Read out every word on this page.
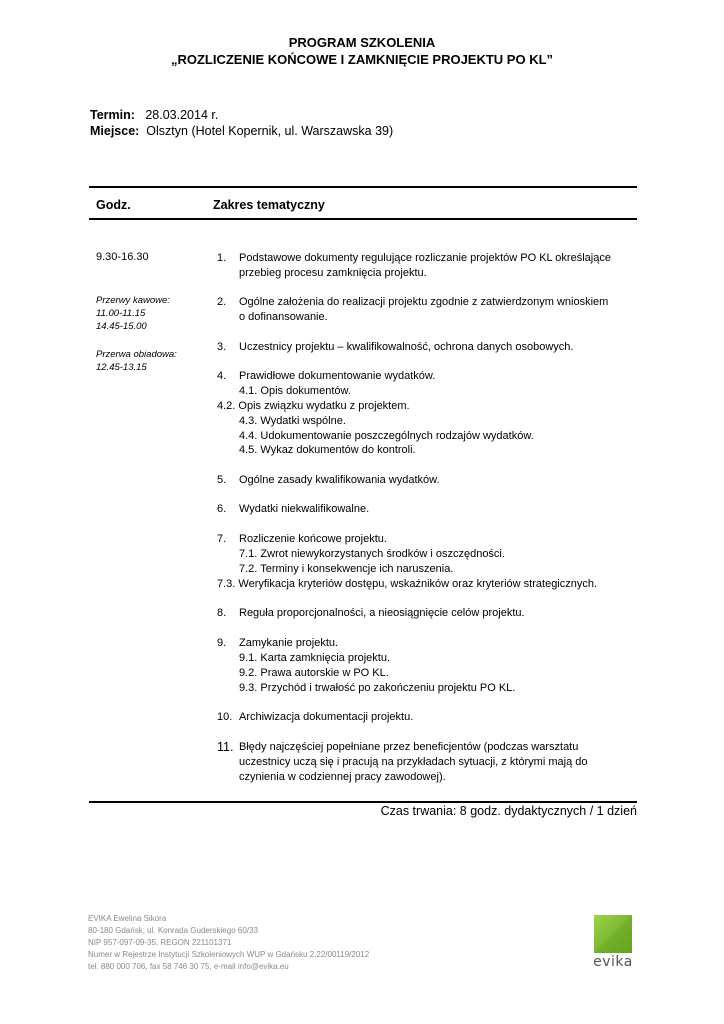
PROGRAM SZKOLENIA
„ROZLICZENIE KOŃCOWE I ZAMKNIĘCIE PROJEKTU PO KL”
Termin: 28.03.2014 r.
Miejsce: Olsztyn (Hotel Kopernik, ul. Warszawska 39)
Godz.	Zakres tematyczny
9.30-16.30
Przerwy kawowe:
11.00-11.15
14.45-15.00
Przerwa obiadowa:
12.45-13.15
1. Podstawowe dokumenty regulujące rozliczanie projektów PO KL określające
przebieg procesu zamknięcia projektu.
2. Ogólne założenia do realizacji projektu zgodnie z zatwierdzonym wnioskiem
o dofinansowanie.
3. Uczestnicy projektu – kwalifikowalność, ochrona danych osobowych.
4. Prawidłowe dokumentowanie wydatków.
4.1. Opis dokumentów.
4.2. Opis związku wydatku z projektem.
4.3. Wydatki wspólne.
4.4. Udokumentowanie poszczególnych rodzajów wydatków.
4.5. Wykaz dokumentów do kontroli.
5. Ogólne zasady kwalifikowania wydatków.
6. Wydatki niekwalifikowalne.
7. Rozliczenie końcowe projektu.
7.1. Zwrot niewykorzystanych środków i oszczędności.
7.2. Terminy i konsekwencje ich naruszenia.
7.3. Weryfikacja kryteriów dostępu, wskaźników oraz kryteriów strategicznych.
8. Reguła proporcjonalności, a nieosiągnięcie celów projektu.
9. Zamykanie projektu.
9.1. Karta zamknięcia projektu.
9.2. Prawa autorskie w PO KL.
9.3. Przychód i trwałość po zakończeniu projektu PO KL.
10. Archiwizacja dokumentacji projektu.
11. Błędy najczęściej popełniane przez beneficjentów (podczas warsztatu
uczestnicy uczą się i pracują na przykładach sytuacji, z którymi mają do
czynienia w codziennej pracy zawodowej).
Czas trwania: 8 godz. dydaktycznych / 1 dzień
EVIKA Ewelina Sikora
80-180 Gdańsk, ul. Konrada Guderskiego 60/33
NIP 957-097-09-35, REGON 221101371
Numer w Rejestrze Instytucji Szkoleniowych WUP w Gdańsku 2.22/00119/2012
tel. 880 000 706, fax 58 746 30 75, e-mail info@evika.eu	evika
